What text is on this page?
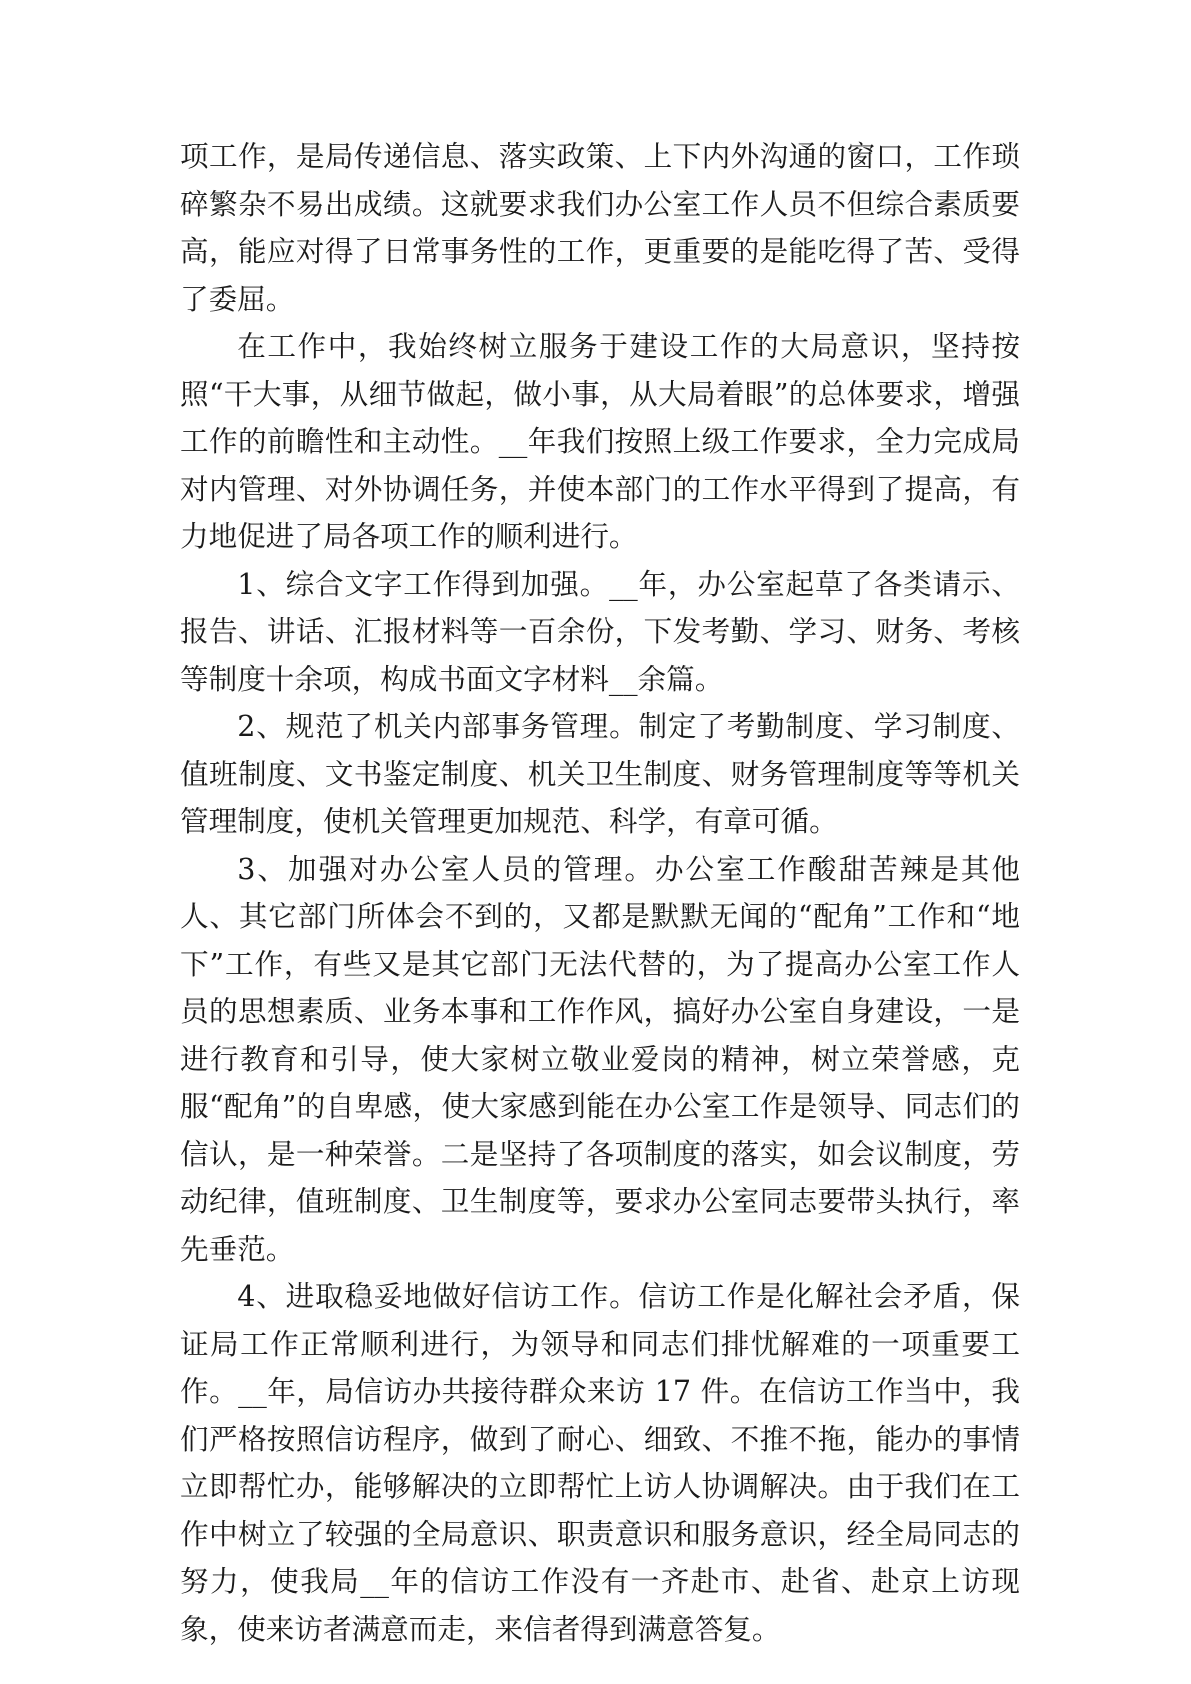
项工作，是局传递信息、落实政策、上下内外沟通的窗口，工作琐碎繁杂不易出成绩。这就要求我们办公室工作人员不但综合素质要高，能应对得了日常事务性的工作，更重要的是能吃得了苦、受得了委屈。

在工作中，我始终树立服务于建设工作的大局意识，坚持按照“干大事，从细节做起，做小事，从大局着眼”的总体要求，增强工作的前瞻性和主动性。__年我们按照上级工作要求，全力完成局对内管理、对外协调任务，并使本部门的工作水平得到了提高，有力地促进了局各项工作的顺利进行。

1、综合文字工作得到加强。__年，办公室起草了各类请示、报告、讲话、汇报材料等一百余份，下发考勤、学习、财务、考核等制度十余项，构成书面文字材料__余篇。

2、规范了机关内部事务管理。制定了考勤制度、学习制度、值班制度、文书鉴定制度、机关卫生制度、财务管理制度等等机关管理制度，使机关管理更加规范、科学，有章可循。

3、加强对办公室人员的管理。办公室工作酸甜苦辣是其他人、其它部门所体会不到的，又都是默默无闻的“配角”工作和“地下”工作，有些又是其它部门无法代替的，为了提高办公室工作人员的思想素质、业务本事和工作作风，搞好办公室自身建设，一是进行教育和引导，使大家树立敬业爱岗的精神，树立荣誉感，克服“配角”的自卑感，使大家感到能在办公室工作是领导、同志们的信认，是一种荣誉。二是坚持了各项制度的落实，如会议制度，劳动纪律，值班制度、卫生制度等，要求办公室同志要带头执行，率先垂范。

4、进取稳妥地做好信访工作。信访工作是化解社会矛盾，保证局工作正常顺利进行，为领导和同志们排忧解难的一项重要工作。__年，局信访办共接待群众来访 17 件。在信访工作当中，我们严格按照信访程序，做到了耐心、细致、不推不拖，能办的事情立即帮忙办，能够解决的立即帮忙上访人协调解决。由于我们在工作中树立了较强的全局意识、职责意识和服务意识，经全局同志的努力，使我局__年的信访工作没有一齐赴市、赴省、赴京上访现象，使来访者满意而走，来信者得到满意答复。
